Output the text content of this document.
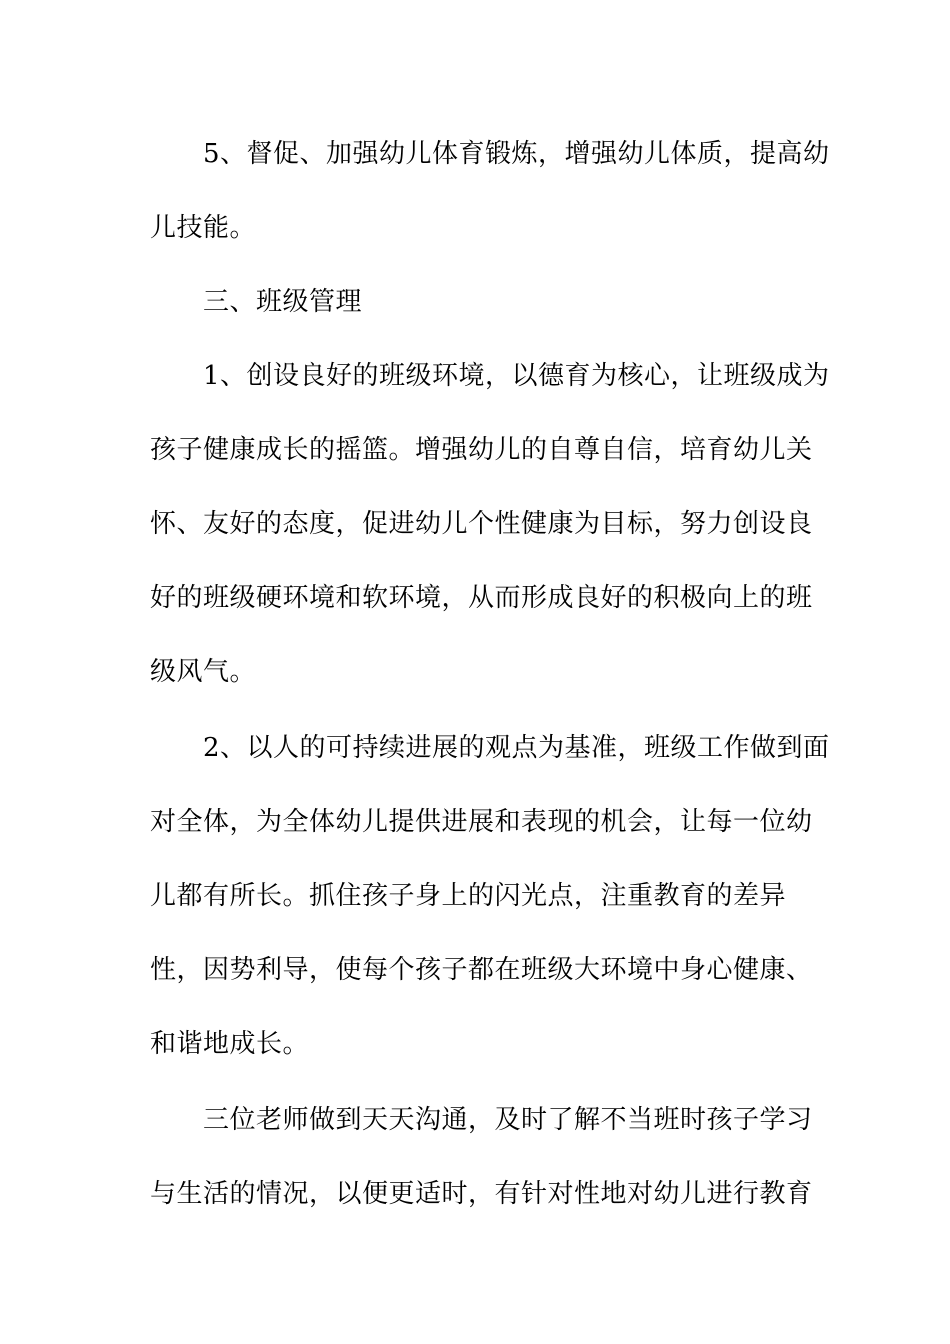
5、督促、加强幼儿体育锻炼，增强幼儿体质，提高幼
儿技能。
三、班级管理
1、创设良好的班级环境，以德育为核心，让班级成为
孩子健康成长的摇篮。增强幼儿的自尊自信，培育幼儿关
怀、友好的态度，促进幼儿个性健康为目标，努力创设良
好的班级硬环境和软环境，从而形成良好的积极向上的班
级风气。
2、以人的可持续进展的观点为基准，班级工作做到面
对全体，为全体幼儿提供进展和表现的机会，让每一位幼
儿都有所长。抓住孩子身上的闪光点，注重教育的差异
性，因势利导，使每个孩子都在班级大环境中身心健康、
和谐地成长。
三位老师做到天天沟通，及时了解不当班时孩子学习
与生活的情况，以便更适时，有针对性地对幼儿进行教育
